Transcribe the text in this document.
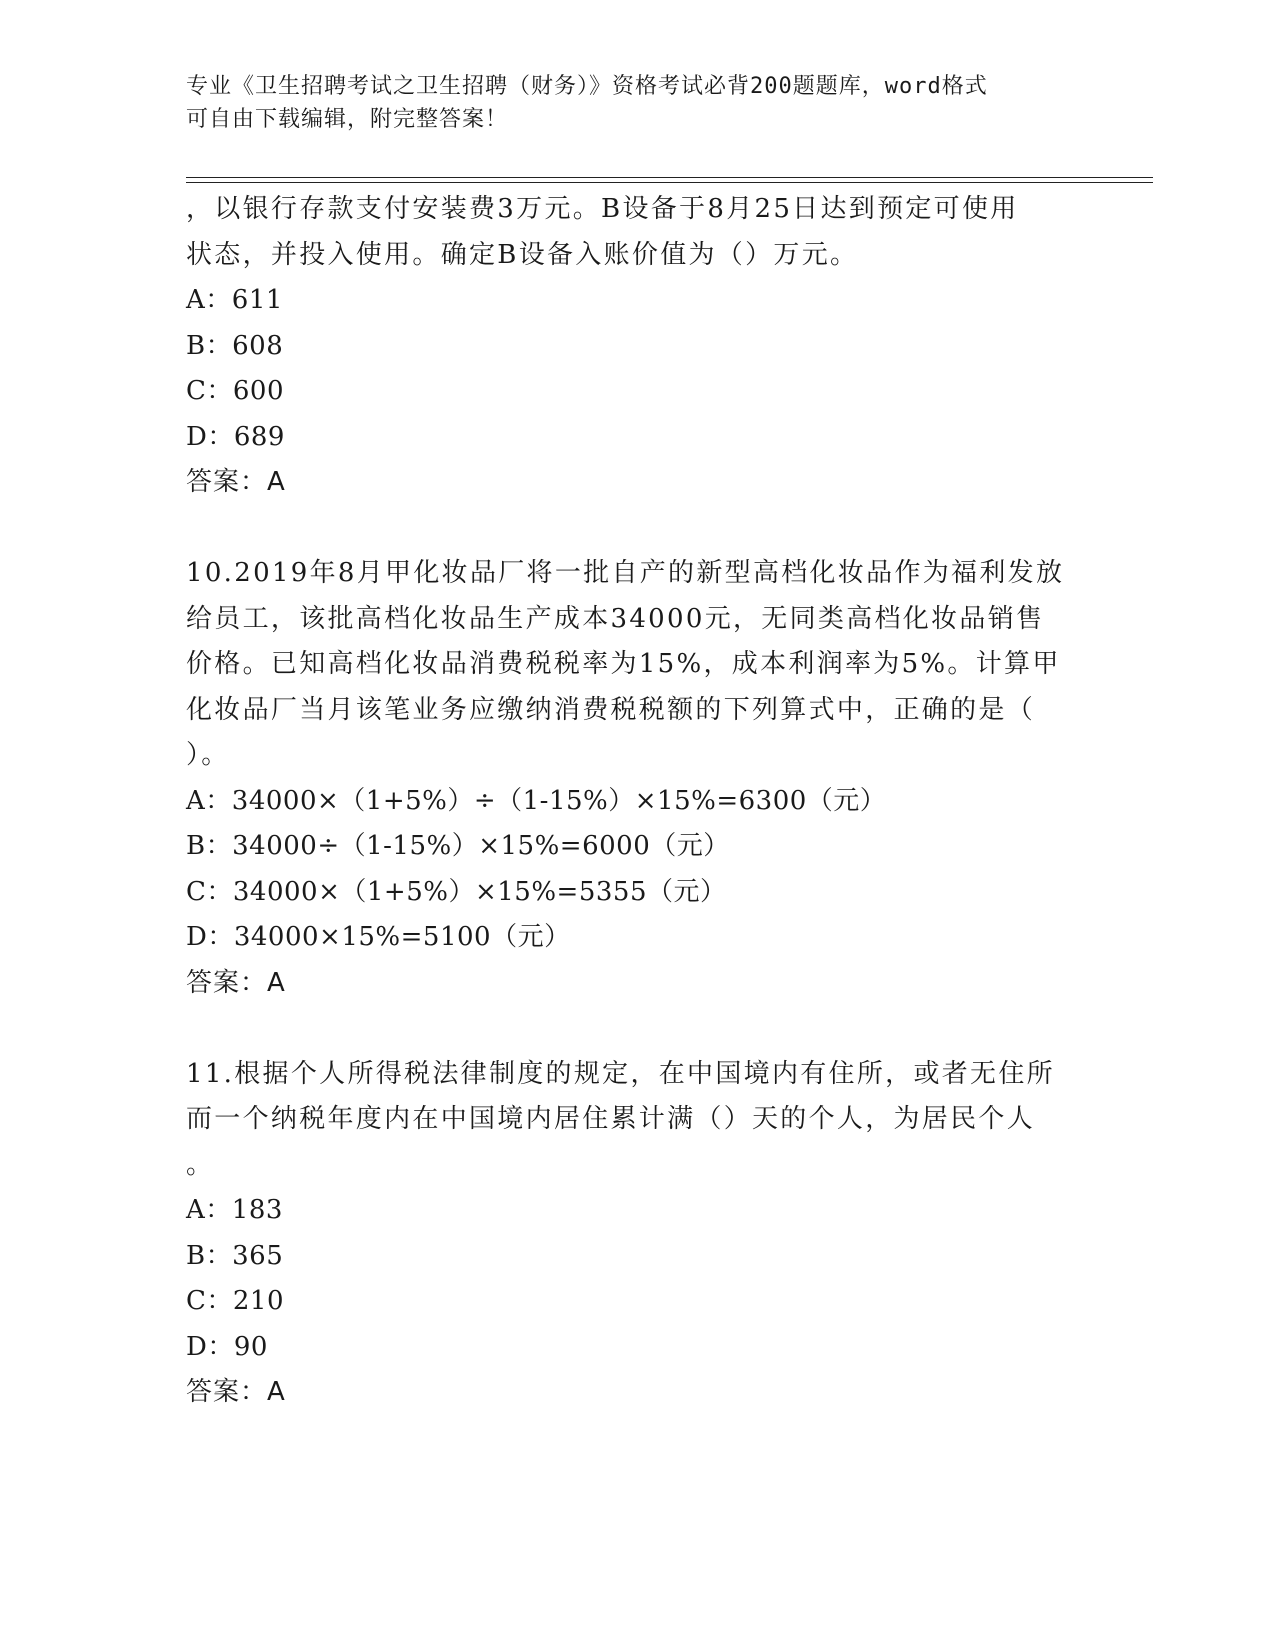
专业《卫生招聘考试之卫生招聘（财务）》资格考试必背200题题库，word格式
可自由下载编辑，附完整答案！
，以银行存款支付安装费3万元。B设备于8月25日达到预定可使用
状态，并投入使用。确定B设备入账价值为（）万元。
A：611
B：608
C：600
D：689
答案：A
10.2019年8月甲化妆品厂将一批自产的新型高档化妆品作为福利发放
给员工，该批高档化妆品生产成本34000元，无同类高档化妆品销售
价格。已知高档化妆品消费税税率为15%，成本利润率为5%。计算甲
化妆品厂当月该笔业务应缴纳消费税税额的下列算式中，正确的是（
）。
A：34000×（1+5%）÷（1-15%）×15%=6300（元）
B：34000÷（1-15%）×15%=6000（元）
C：34000×（1+5%）×15%=5355（元）
D：34000×15%=5100（元）
答案：A
11.根据个人所得税法律制度的规定，在中国境内有住所，或者无住所
而一个纳税年度内在中国境内居住累计满（）天的个人，为居民个人
。
A：183
B：365
C：210
D：90
答案：A
